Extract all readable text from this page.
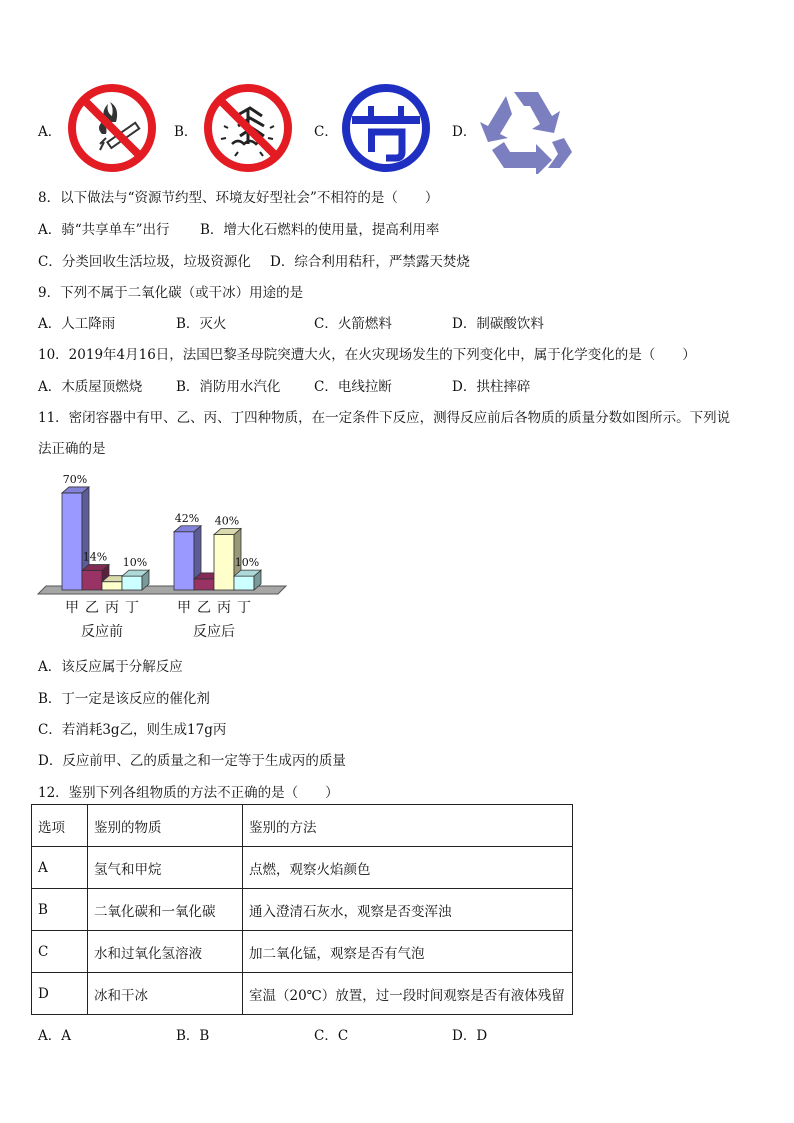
A．	B．	C．	D．
8．以下做法与“资源节约型、环境友好型社会”不相符的是（　　）
A．骑“共享单车”出行 B．增大化石燃料的使用量，提高利用率
C．分类回收生活垃圾，垃圾资源化 D．综合利用秸秆，严禁露天焚烧
9．下列不属于二氧化碳（或干冰）用途的是
A．人工降雨	B．灭火	C．火箭燃料	D．制碳酸饮料
10．2019年4月16日，法国巴黎圣母院突遭大火，在火灾现场发生的下列变化中，属于化学变化的是（　　）
A．木质屋顶燃烧	B．消防用水汽化 C．电线拉断	D．拱柱摔碎
11．密闭容器中有甲、乙、丙、丁四种物质，在一定条件下反应，测得反应前后各物质的质量分数如图所示。下列说
法正确的是
70%
甲
14%
乙 丙
10%
丁
反应前
42%
甲 乙
40%
丙
10%
丁
反应后
A．该反应属于分解反应
B．丁一定是该反应的催化剂
C．若消耗3g乙，则生成17g丙
D．反应前甲、乙的质量之和一定等于生成丙的质量
12．鉴别下列各组物质的方法不正确的是（　　）
选项	鉴别的物质	鉴别的方法
A	氢气和甲烷	点燃，观察火焰颜色
B	二氧化碳和一氧化碳	通入澄清石灰水，观察是否变浑浊
C	水和过氧化氢溶液	加二氧化锰，观察是否有气泡
D	冰和干冰	室温（20℃）放置，过一段时间观察是否有液体残留
A．A	B．B	C．C	D．D
